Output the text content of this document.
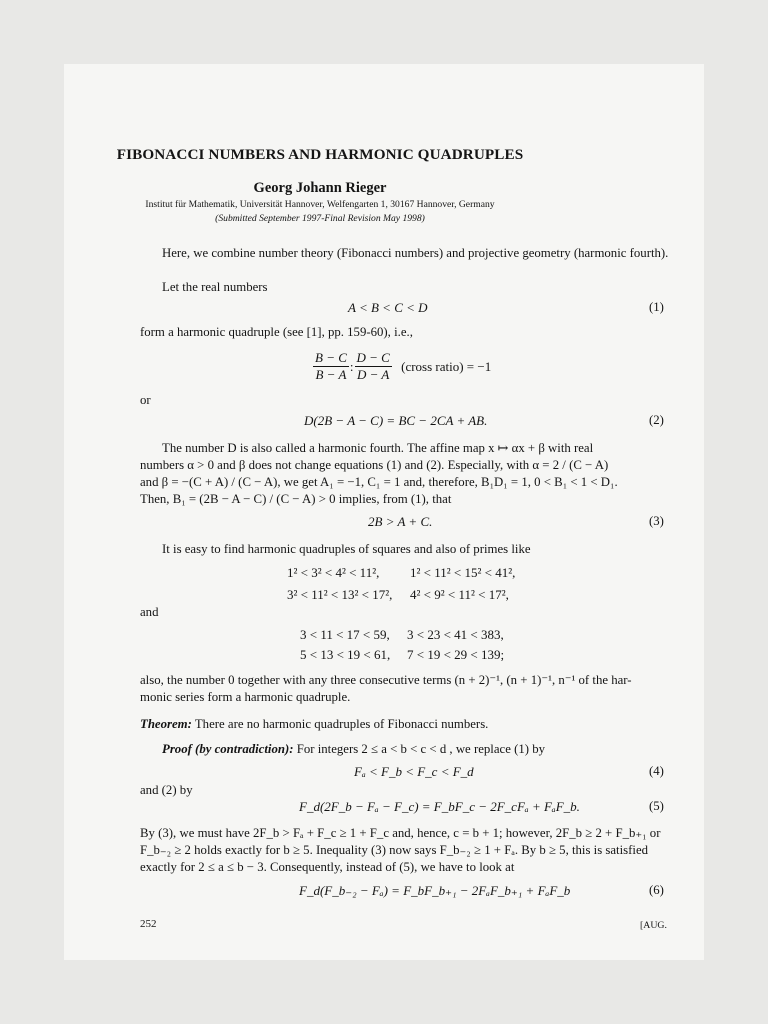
FIBONACCI NUMBERS AND HARMONIC QUADRUPLES
Georg Johann Rieger
Institut für Mathematik, Universität Hannover, Welfengarten 1, 30167 Hannover, Germany
(Submitted September 1997-Final Revision May 1998)
Here, we combine number theory (Fibonacci numbers) and projective geometry (harmonic fourth).
Let the real numbers
A < B < C < D	(1)
form a harmonic quadruple (see [1], pp. 159-60), i.e.,
$\frac{B - C}{B - A}$ : $\frac{D - C}{D - A}$ (cross ratio) = −1
or
D(2B − A − C) = BC − 2CA + AB.	(2)
The number D is also called a harmonic fourth. The affine map x ↦ αx + β with real
numbers α > 0 and β does not change equations (1) and (2). Especially, with α = 2 / (C − A)
and β = −(C + A) / (C − A), we get A₁ = −1, C₁ = 1 and, therefore, B₁D₁ = 1, 0 < B₁ < 1 < D₁.
Then, B₁ = (2B − A − C) / (C − A) > 0 implies, from (1), that
2B > A + C.	(3)
It is easy to find harmonic quadruples of squares and also of primes like
1² < 3² < 4² < 11², 1² < 11² < 15² < 41²,
3² < 11² < 13² < 17², 4² < 9² < 11² < 17²,
and
3 < 11 < 17 < 59, 3 < 23 < 41 < 383,
5 < 13 < 19 < 61, 7 < 19 < 29 < 139;
also, the number 0 together with any three consecutive terms (n + 2)⁻¹, (n + 1)⁻¹, n⁻¹ of the har-
monic series form a harmonic quadruple.
Theorem: There are no harmonic quadruples of Fibonacci numbers.
Proof (by contradiction): For integers 2 ≤ a < b < c < d , we replace (1) by
Fₐ < F_b < F_c < F_d	(4)
and (2) by
F_d(2F_b − Fₐ − F_c) = F_bF_c − 2F_cFₐ + FₐF_b.	(5)
By (3), we must have 2F_b > Fₐ + F_c ≥ 1 + F_c and, hence, c = b + 1; however, 2F_b ≥ 2 + F_b₊₁ or
F_b₋₂ ≥ 2 holds exactly for b ≥ 5. Inequality (3) now says F_b₋₂ ≥ 1 + Fₐ. By b ≥ 5, this is satisfied
exactly for 2 ≤ a ≤ b − 3. Consequently, instead of (5), we have to look at
F_d(F_b₋₂ − Fₐ) = F_bF_b₊₁ − 2FₐF_b₊₁ + FₐF_b	(6)
252	[AUG.
